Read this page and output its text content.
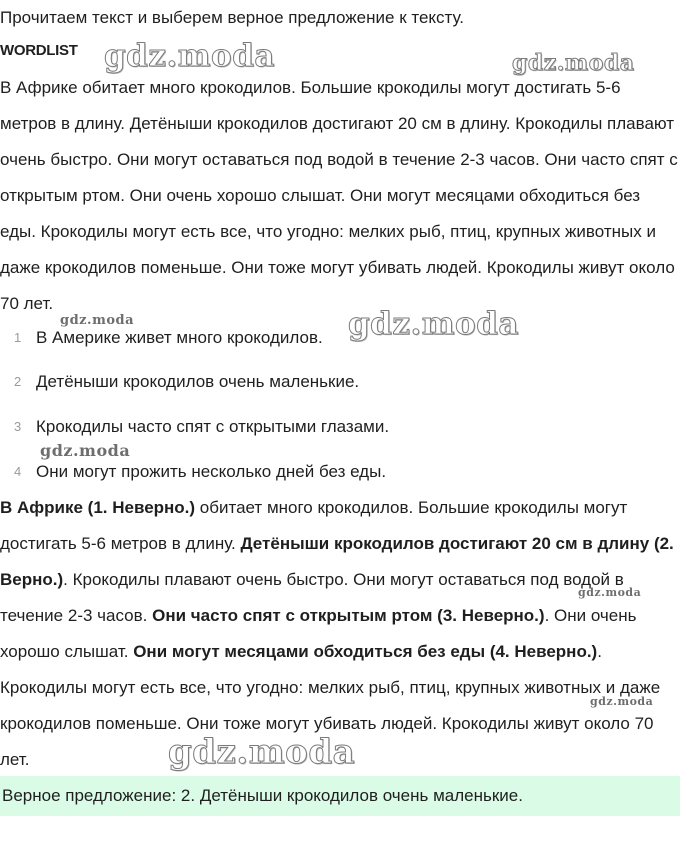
Прочитаем текст и выберем верное предложение к тексту.
WORDLIST

В Африке обитает много крокодилов. Большие крокодилы могут достигать 5-6 метров в длину. Детёныши крокодилов достигают 20 см в длину. Крокодилы плавают очень быстро. Они могут оставаться под водой в течение 2-3 часов. Они часто спят с открытым ртом. Они очень хорошо слышат. Они могут месяцами обходиться без еды. Крокодилы могут есть все, что угодно: мелких рыб, птиц, крупных животных и даже крокодилов поменьше. Они тоже могут убивать людей. Крокодилы живут около 70 лет.

1 В Америке живет много крокодилов.
2 Детёныши крокодилов очень маленькие.
3 Крокодилы часто спят с открытыми глазами.
4 Они могут прожить несколько дней без еды.

В Африке (1. Неверно.) обитает много крокодилов. Большие крокодилы могут достигать 5-6 метров в длину. Детёныши крокодилов достигают 20 см в длину (2. Верно.). Крокодилы плавают очень быстро. Они могут оставаться под водой в течение 2-3 часов. Они часто спят с открытым ртом (3. Неверно.). Они очень хорошо слышат. Они могут месяцами обходиться без еды (4. Неверно.). Крокодилы могут есть все, что угодно: мелких рыб, птиц, крупных животных и даже крокодилов поменьше. Они тоже могут убивать людей. Крокодилы живут около 70 лет.

Верное предложение: 2. Детёныши крокодилов очень маленькие.
gdz.moda	gdz.moda
gdz.moda	gdz.moda
gdz.moda
gdz.moda
gdz.moda
gdz.moda
